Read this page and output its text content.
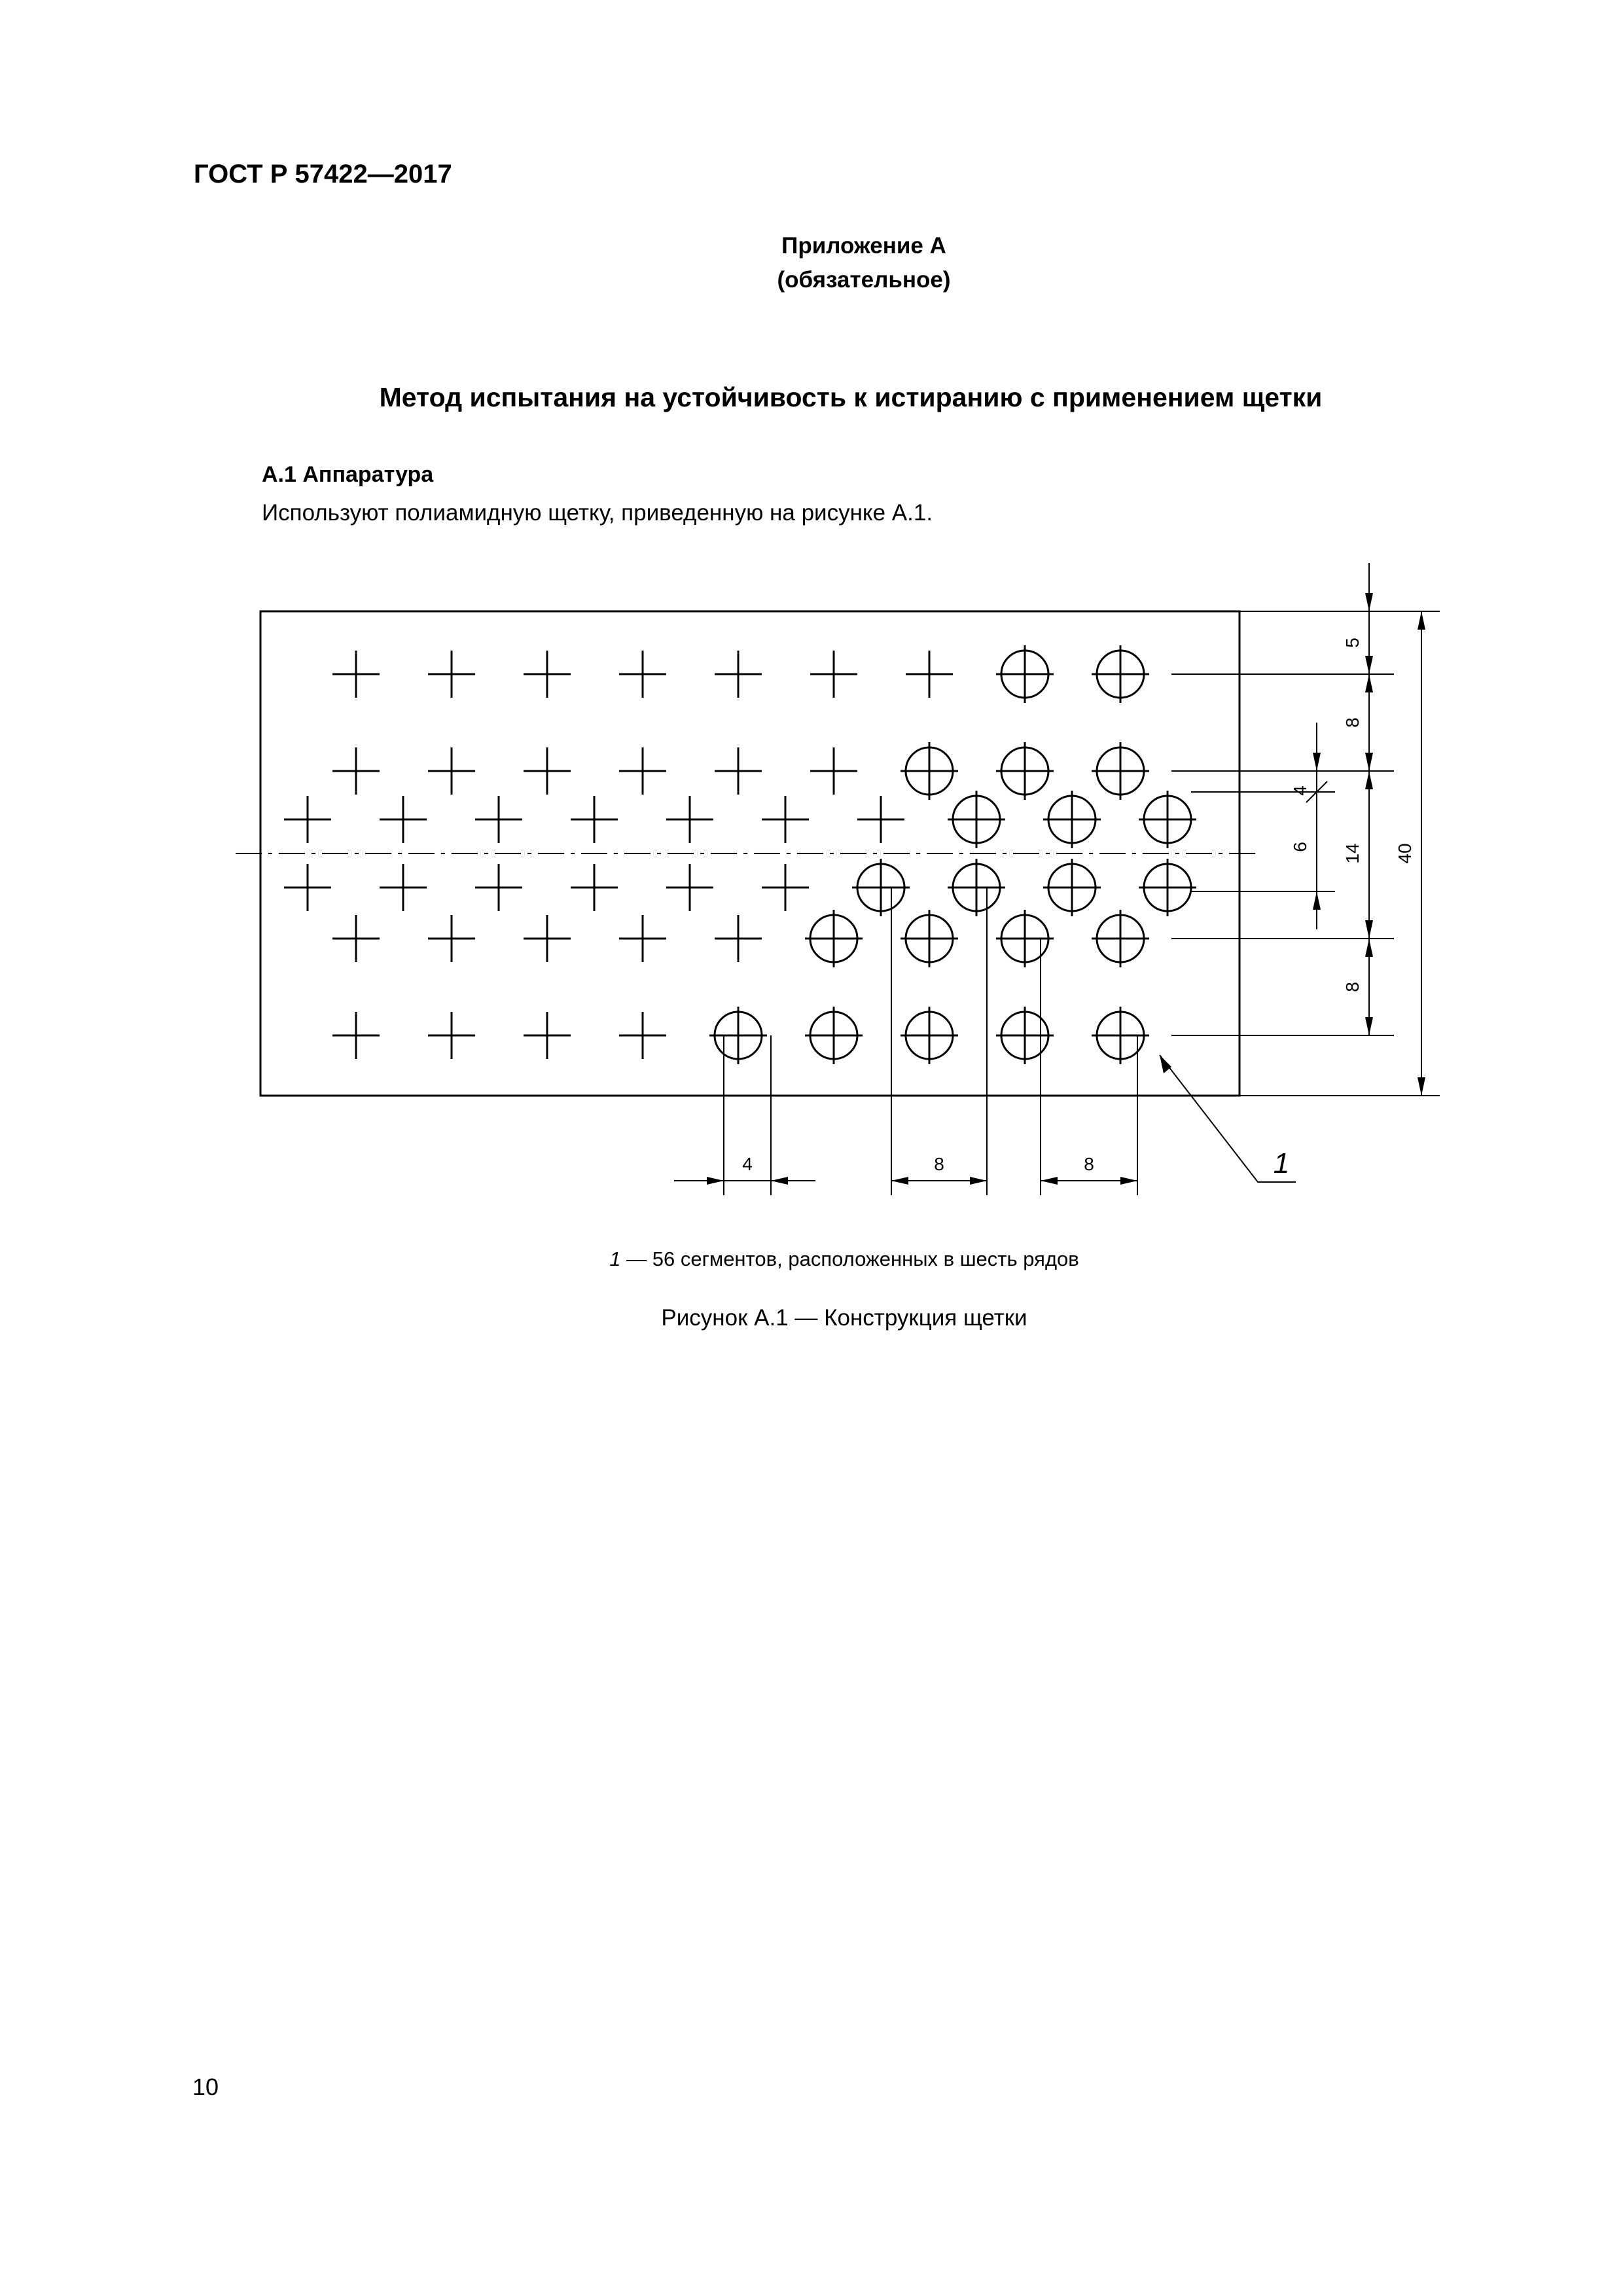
ГОСТ Р 57422—2017
Приложение А
(обязательное)
Метод испытания на устойчивость к истиранию с применением щетки
А.1 Аппаратура
Используют полиамидную щетку, приведенную на рисунке А.1.
5
8
4
6 14
8
40
4	8	8	1
1 — 56 сегментов, расположенных в шесть рядов
Рисунок А.1 — Конструкция щетки
10
